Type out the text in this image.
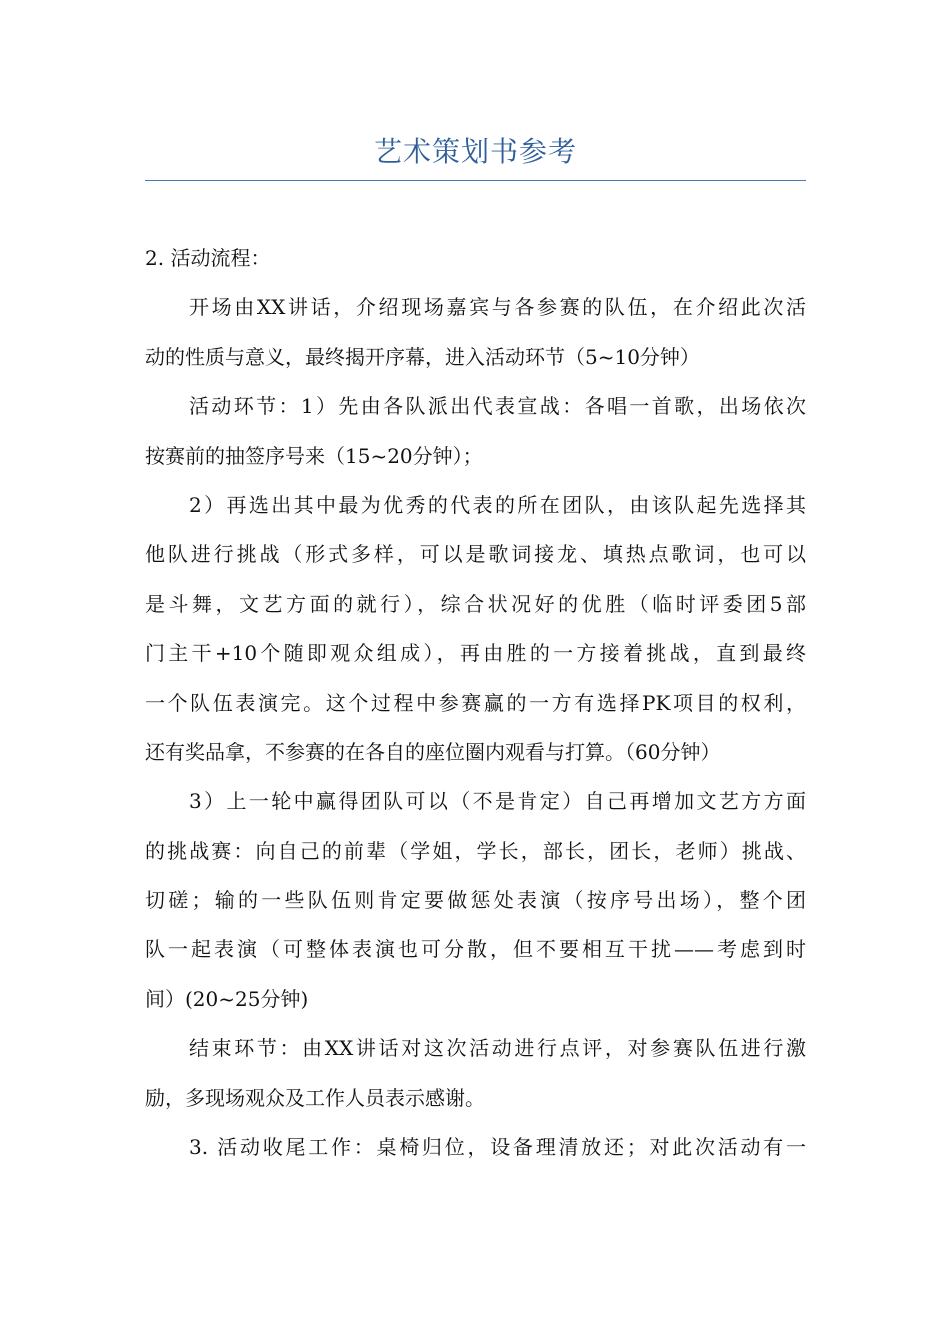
艺术策划书参考
2. 活动流程：
开场由XX讲话，介绍现场嘉宾与各参赛的队伍，在介绍此次活
动的性质与意义，最终揭开序幕，进入活动环节（5~10分钟）
活动环节：1）先由各队派出代表宣战：各唱一首歌，出场依次
按赛前的抽签序号来（15~20分钟）；
2）再选出其中最为优秀的代表的所在团队，由该队起先选择其
他队进行挑战（形式多样，可以是歌词接龙、填热点歌词，也可以
是斗舞，文艺方面的就行），综合状况好的优胜（临时评委团5部
门主干+10个随即观众组成），再由胜的一方接着挑战，直到最终
一个队伍表演完。这个过程中参赛赢的一方有选择PK项目的权利，
还有奖品拿，不参赛的在各自的座位圈内观看与打算。（60分钟）
3）上一轮中赢得团队可以（不是肯定）自己再增加文艺方方面
的挑战赛：向自己的前辈（学姐，学长，部长，团长，老师）挑战、
切磋；输的一些队伍则肯定要做惩处表演（按序号出场），整个团
队一起表演（可整体表演也可分散，但不要相互干扰——考虑到时
间）(20~25分钟)
结束环节：由XX讲话对这次活动进行点评，对参赛队伍进行激
励，多现场观众及工作人员表示感谢。
3. 活动收尾工作：桌椅归位，设备理清放还；对此次活动有一
